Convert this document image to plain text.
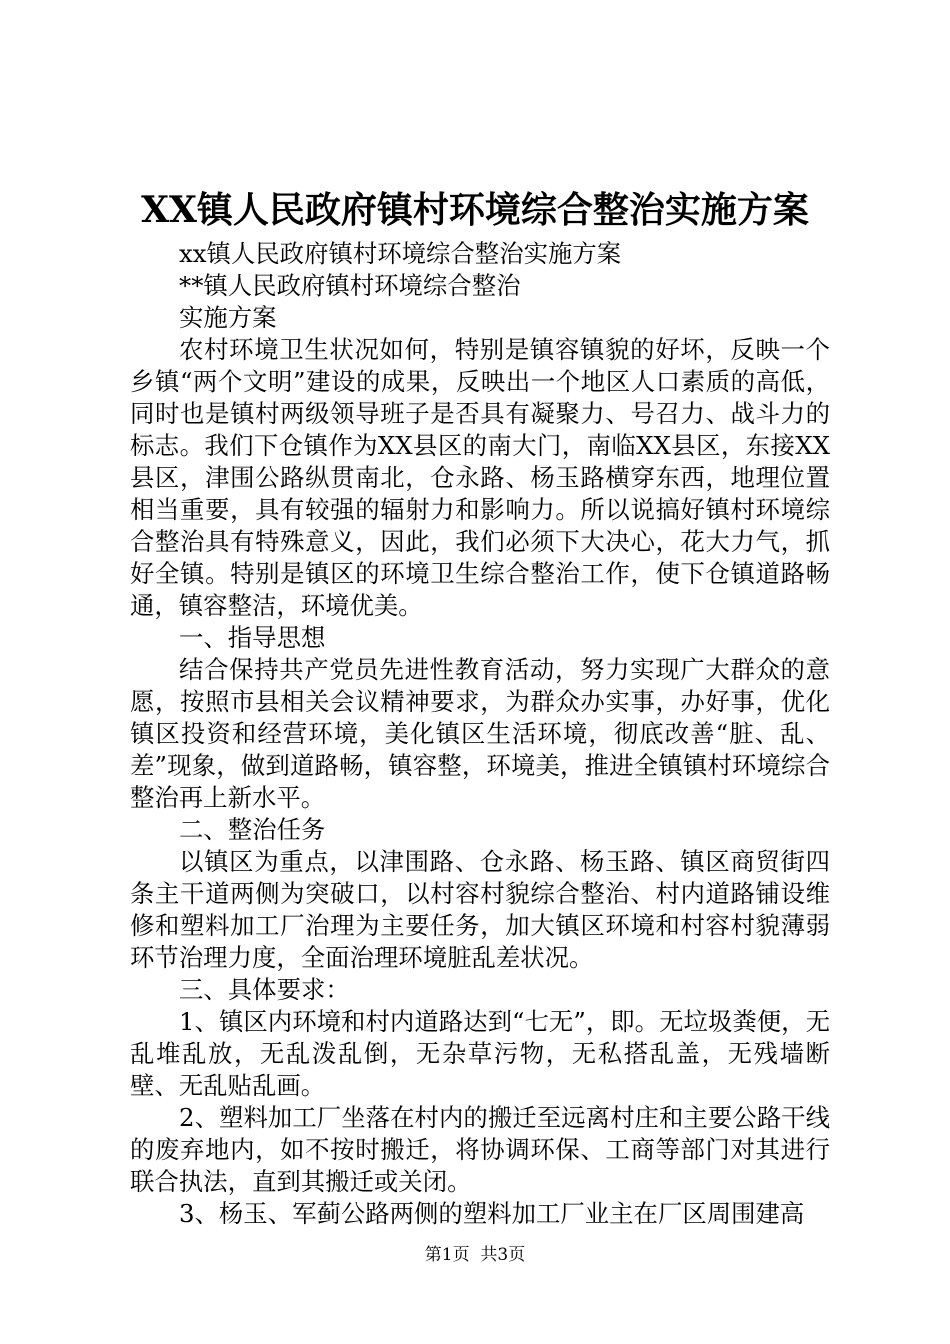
XX镇人民政府镇村环境综合整治实施方案

xx镇人民政府镇村环境综合整治实施方案

**镇人民政府镇村环境综合整治

实施方案

农村环境卫生状况如何，特别是镇容镇貌的好坏，反映一个乡镇“两个文明”建设的成果，反映出一个地区人口素质的高低，同时也是镇村两级领导班子是否具有凝聚力、号召力、战斗力的标志。我们下仓镇作为XX县区的南大门，南临XX县区，东接XX县区，津围公路纵贯南北，仓永路、杨玉路横穿东西，地理位置相当重要，具有较强的辐射力和影响力。所以说搞好镇村环境综合整治具有特殊意义，因此，我们必须下大决心，花大力气，抓好全镇。特别是镇区的环境卫生综合整治工作，使下仓镇道路畅通，镇容整洁，环境优美。

一、指导思想

结合保持共产党员先进性教育活动，努力实现广大群众的意愿，按照市县相关会议精神要求，为群众办实事，办好事，优化镇区投资和经营环境，美化镇区生活环境，彻底改善“脏、乱、差”现象，做到道路畅，镇容整，环境美，推进全镇镇村环境综合整治再上新水平。

二、整治任务

以镇区为重点，以津围路、仓永路、杨玉路、镇区商贸街四条主干道两侧为突破口，以村容村貌综合整治、村内道路铺设维修和塑料加工厂治理为主要任务，加大镇区环境和村容村貌薄弱环节治理力度，全面治理环境脏乱差状况。

三、具体要求：

1、镇区内环境和村内道路达到“七无”，即。无垃圾粪便，无乱堆乱放，无乱泼乱倒，无杂草污物，无私搭乱盖，无残墙断壁、无乱贴乱画。

2、塑料加工厂坐落在村内的搬迁至远离村庄和主要公路干线的废弃地内，如不按时搬迁，将协调环保、工商等部门对其进行联合执法，直到其搬迁或关闭。

3、杨玉、军蓟公路两侧的塑料加工厂业主在厂区周围建高

第1页  共3页
